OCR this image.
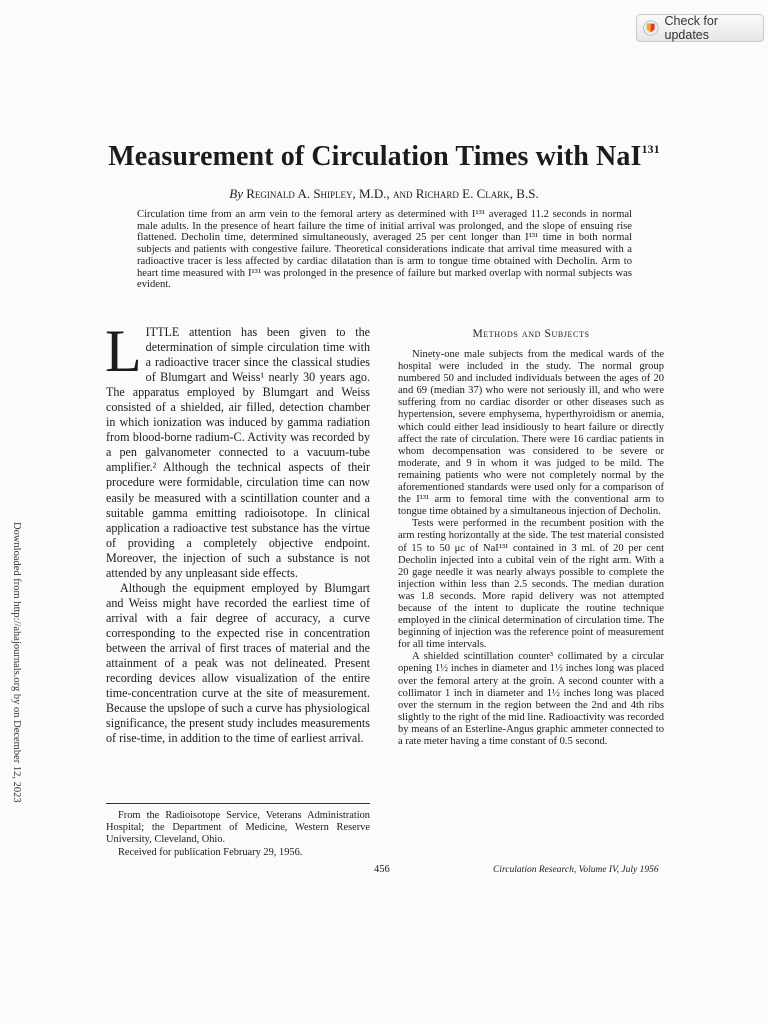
Check for updates
Downloaded from http://ahajournals.org by on December 12, 2023
Measurement of Circulation Times with NaI$^{131}$
By Reginald A. Shipley, M.D., and Richard E. Clark, B.S.

Circulation time from an arm vein to the femoral artery as determined with I¹³¹ averaged 11.2 seconds in normal male adults. In the presence of heart failure the time of initial arrival was prolonged, and the slope of ensuing rise flattened. Decholin time, determined simultaneously, averaged 25 per cent longer than I¹³¹ time in both normal subjects and patients with congestive failure. Theoretical considerations indicate that arrival time measured with a radioactive tracer is less affected by cardiac dilatation than is arm to tongue time obtained with Decholin. Arm to heart time measured with I¹³¹ was prolonged in the presence of failure but marked overlap with normal subjects was evident.

LITTLE attention has been given to the determination of simple circulation time with a radioactive tracer since the classical studies of Blumgart and Weiss¹ nearly 30 years ago. The apparatus employed by Blumgart and Weiss consisted of a shielded, air filled, detection chamber in which ionization was induced by gamma radiation from blood-borne radium-C. Activity was recorded by a pen galvanometer connected to a vacuum-tube amplifier.² Although the technical aspects of their procedure were formidable, circulation time can now easily be measured with a scintillation counter and a suitable gamma emitting radioisotope. In clinical application a radioactive test substance has the virtue of providing a completely objective endpoint. Moreover, the injection of such a substance is not attended by any unpleasant side effects.

Although the equipment employed by Blumgart and Weiss might have recorded the earliest time of arrival with a fair degree of accuracy, a curve corresponding to the expected rise in concentration between the arrival of first traces of material and the attainment of a peak was not delineated. Present recording devices allow visualization of the entire time-concentration curve at the site of measurement. Because the upslope of such a curve has physiological significance, the present study includes measurements of rise-time, in addition to the time of earliest arrival.

From the Radioisotope Service, Veterans Administration Hospital; the Department of Medicine, Western Reserve University, Cleveland, Ohio.

Received for publication February 29, 1956.

Methods and Subjects

Ninety-one male subjects from the medical wards of the hospital were included in the study. The normal group numbered 50 and included individuals between the ages of 20 and 69 (median 37) who were not seriously ill, and who were suffering from no cardiac disorder or other diseases such as hypertension, severe emphysema, hyperthyroidism or anemia, which could either lead insidiously to heart failure or directly affect the rate of circulation. There were 16 cardiac patients in whom decompensation was considered to be severe or moderate, and 9 in whom it was judged to be mild. The remaining patients who were not completely normal by the aforementioned standards were used only for a comparison of the I¹³¹ arm to femoral time with the conventional arm to tongue time obtained by a simultaneous injection of Decholin.

Tests were performed in the recumbent position with the arm resting horizontally at the side. The test material consisted of 15 to 50 μc of NaI¹³¹ contained in 3 ml. of 20 per cent Decholin injected into a cubital vein of the right arm. With a 20 gage needle it was nearly always possible to complete the injection within less than 2.5 seconds. The median duration was 1.8 seconds. More rapid delivery was not attempted because of the intent to duplicate the routine technique employed in the clinical determination of circulation time. The beginning of injection was the reference point of measurement for all time intervals.

A shielded scintillation counter³ collimated by a circular opening 1½ inches in diameter and 1½ inches long was placed over the femoral artery at the groin. A second counter with a collimator 1 inch in diameter and 1½ inches long was placed over the sternum in the region between the 2nd and 4th ribs slightly to the right of the mid line. Radioactivity was recorded by means of an Esterline-Angus graphic ammeter connected to a rate meter having a time constant of 0.5 second.

456	Circulation Research, Volume IV, July 1956
